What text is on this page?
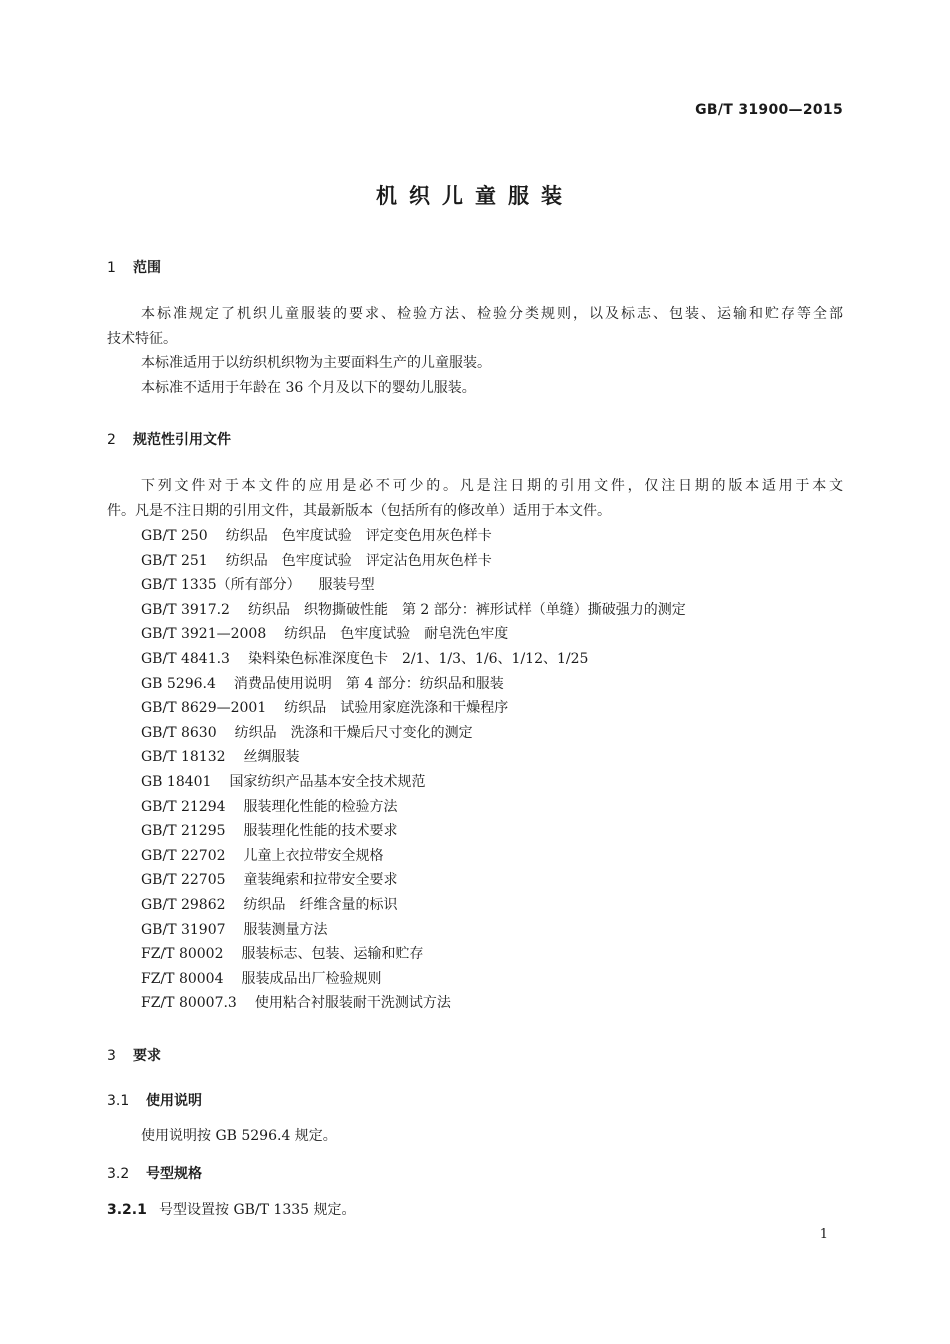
GB/T 31900—2015
机织儿童服装
1 范围
本标准规定了机织儿童服装的要求、检验方法、检验分类规则，以及标志、包装、运输和贮存等全部
技术特征。
本标准适用于以纺织机织物为主要面料生产的儿童服装。
本标准不适用于年龄在 36 个月及以下的婴幼儿服装。
2 规范性引用文件
下列文件对于本文件的应用是必不可少的。凡是注日期的引用文件，仅注日期的版本适用于本文
件。凡是不注日期的引用文件，其最新版本（包括所有的修改单）适用于本文件。
GB/T 250 纺织品　色牢度试验　评定变色用灰色样卡
GB/T 251 纺织品　色牢度试验　评定沾色用灰色样卡
GB/T 1335（所有部分） 服装号型
GB/T 3917.2 纺织品　织物撕破性能　第 2 部分：裤形试样（单缝）撕破强力的测定
GB/T 3921—2008 纺织品　色牢度试验　耐皂洗色牢度
GB/T 4841.3 染料染色标准深度色卡　2/1、1/3、1/6、1/12、1/25
GB 5296.4 消费品使用说明　第 4 部分：纺织品和服装
GB/T 8629—2001 纺织品　试验用家庭洗涤和干燥程序
GB/T 8630 纺织品　洗涤和干燥后尺寸变化的测定
GB/T 18132 丝绸服装
GB 18401 国家纺织产品基本安全技术规范
GB/T 21294 服装理化性能的检验方法
GB/T 21295 服装理化性能的技术要求
GB/T 22702 儿童上衣拉带安全规格
GB/T 22705 童装绳索和拉带安全要求
GB/T 29862 纺织品　纤维含量的标识
GB/T 31907 服装测量方法
FZ/T 80002 服装标志、包装、运输和贮存
FZ/T 80004 服装成品出厂检验规则
FZ/T 80007.3 使用粘合衬服装耐干洗测试方法
3 要求
3.1 使用说明
使用说明按 GB 5296.4 规定。
3.2 号型规格
3.2.1 号型设置按 GB/T 1335 规定。
1
